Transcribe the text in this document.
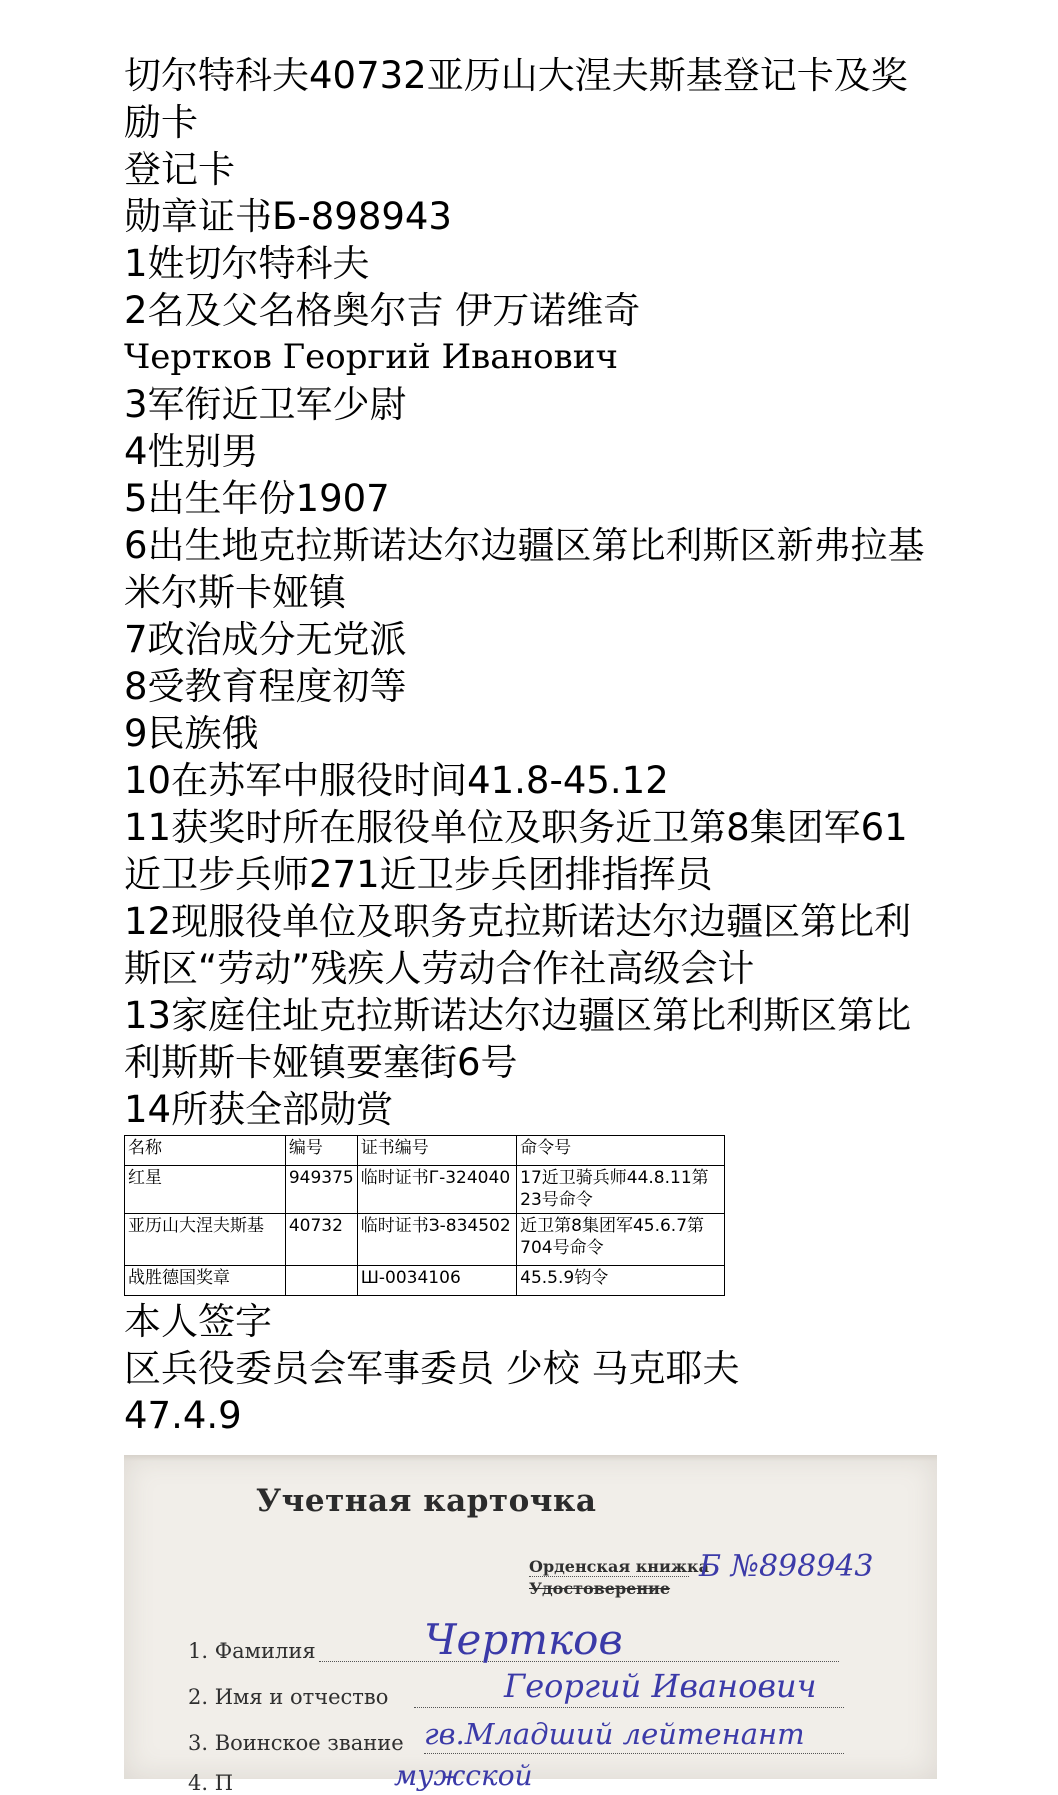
切尔特科夫40732亚历山大涅夫斯基登记卡及奖励卡
登记卡
勋章证书Б-898943
1姓切尔特科夫
2名及父名格奥尔吉 伊万诺维奇
Чертков Георгий Иванович
3军衔近卫军少尉
4性别男
5出生年份1907
6出生地克拉斯诺达尔边疆区第比利斯区新弗拉基米尔斯卡娅镇
7政治成分无党派
8受教育程度初等
9民族俄
10在苏军中服役时间41.8-45.12
11获奖时所在服役单位及职务近卫第8集团军61近卫步兵师271近卫步兵团排指挥员
12现服役单位及职务克拉斯诺达尔边疆区第比利斯区“劳动”残疾人劳动合作社高级会计
13家庭住址克拉斯诺达尔边疆区第比利斯区第比利斯斯卡娅镇要塞街6号
14所获全部勋赏
名称	编号	证书编号	命令号
红星	949375	临时证书Г-324040	17近卫骑兵师44.8.11第23号命令
亚历山大涅夫斯基	40732	临时证书З-834502	近卫第8集团军45.6.7第704号命令
战胜德国奖章		Ш-0034106	45.5.9钧令
本人签字
区兵役委员会军事委员 少校 马克耶夫
47.4.9
Учетная карточка
Орденская книжка
Удостоверение
Б №898943
1. Фамилия	Чертков
2. Имя и отчество	Георгий Иванович
3. Воинское звание гв.Младший лейтенант
4. П	мужской
